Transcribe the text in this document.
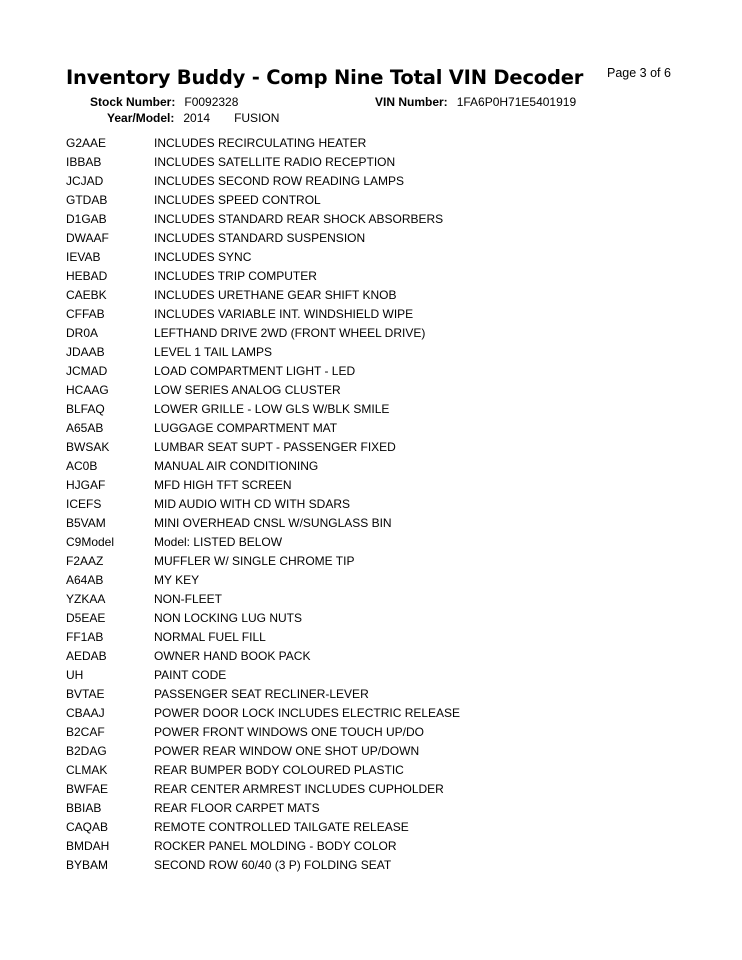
Inventory Buddy - Comp Nine Total VIN Decoder Page 3 of 6
Stock Number: F0092328	VIN Number: 1FA6P0H71E5401919
Year/Model: 2014 FUSION
G2AAE	INCLUDES RECIRCULATING HEATER
IBBAB	INCLUDES SATELLITE RADIO RECEPTION
JCJAD	INCLUDES SECOND ROW READING LAMPS
GTDAB	INCLUDES SPEED CONTROL
D1GAB	INCLUDES STANDARD REAR SHOCK ABSORBERS
DWAAF	INCLUDES STANDARD SUSPENSION
IEVAB	INCLUDES SYNC
HEBAD	INCLUDES TRIP COMPUTER
CAEBK	INCLUDES URETHANE GEAR SHIFT KNOB
CFFAB	INCLUDES VARIABLE INT. WINDSHIELD WIPE
DR0A	LEFTHAND DRIVE 2WD (FRONT WHEEL DRIVE)
JDAAB	LEVEL 1 TAIL LAMPS
JCMAD	LOAD COMPARTMENT LIGHT - LED
HCAAG	LOW SERIES ANALOG CLUSTER
BLFAQ	LOWER GRILLE - LOW GLS W/BLK SMILE
A65AB	LUGGAGE COMPARTMENT MAT
BWSAK	LUMBAR SEAT SUPT - PASSENGER FIXED
AC0B	MANUAL AIR CONDITIONING
HJGAF	MFD HIGH TFT SCREEN
ICEFS	MID AUDIO WITH CD WITH SDARS
B5VAM	MINI OVERHEAD CNSL W/SUNGLASS BIN
C9Model	Model: LISTED BELOW
F2AAZ	MUFFLER W/ SINGLE CHROME TIP
A64AB	MY KEY
YZKAA	NON-FLEET
D5EAE	NON LOCKING LUG NUTS
FF1AB	NORMAL FUEL FILL
AEDAB	OWNER HAND BOOK PACK
UH	PAINT CODE
BVTAE	PASSENGER SEAT RECLINER-LEVER
CBAAJ	POWER DOOR LOCK INCLUDES ELECTRIC RELEASE
B2CAF	POWER FRONT WINDOWS ONE TOUCH UP/DO
B2DAG	POWER REAR WINDOW ONE SHOT UP/DOWN
CLMAK	REAR BUMPER BODY COLOURED PLASTIC
BWFAE	REAR CENTER ARMREST INCLUDES CUPHOLDER
BBIAB	REAR FLOOR CARPET MATS
CAQAB	REMOTE CONTROLLED TAILGATE RELEASE
BMDAH	ROCKER PANEL MOLDING - BODY COLOR
BYBAM	SECOND ROW 60/40 (3 P) FOLDING SEAT
